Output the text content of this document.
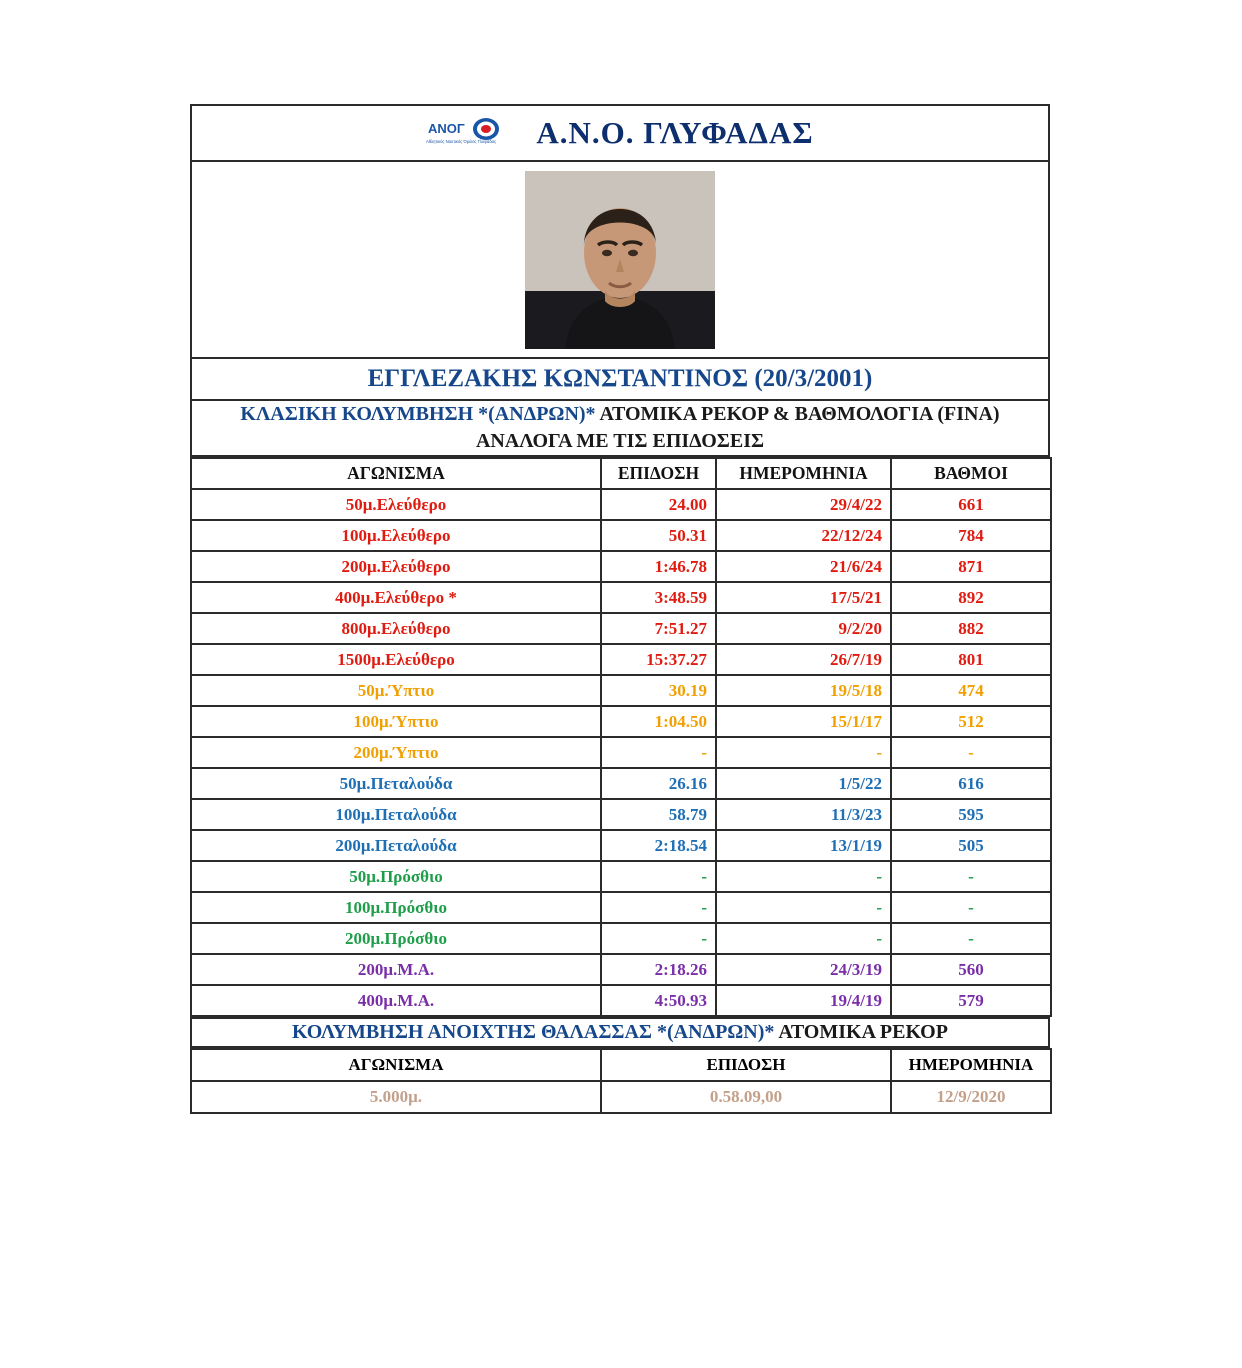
ΑΝΟΓ
Αθλητικός Ναυτικός Όμιλος Γλυφάδας Α.Ν.Ο. ΓΛΥΦΑΔΑΣ

ΕΓΓΛΕΖΑΚΗΣ ΚΩΝΣΤΑΝΤΙΝΟΣ (20/3/2001)
ΚΛΑΣΙΚΗ ΚΟΛΥΜΒΗΣΗ *(ΑΝΔΡΩΝ)* ΑΤΟΜΙΚΑ ΡΕΚΟΡ & ΒΑΘΜΟΛΟΓΙΑ (FINA) ΑΝΑΛΟΓΑ ΜΕ ΤΙΣ ΕΠΙΔΟΣΕΙΣ
ΑΓΩΝΙΣΜΑ	ΕΠΙΔΟΣΗ	ΗΜΕΡΟΜΗΝΙΑ	ΒΑΘΜΟΙ
50μ.Ελεύθερο	24.00	29/4/22	661
100μ.Ελεύθερο	50.31	22/12/24	784
200μ.Ελεύθερο	1:46.78	21/6/24	871
400μ.Ελεύθερο *	3:48.59	17/5/21	892
800μ.Ελεύθερο	7:51.27	9/2/20	882
1500μ.Ελεύθερο	15:37.27	26/7/19	801
50μ.Ύπτιο	30.19	19/5/18	474
100μ.Ύπτιο	1:04.50	15/1/17	512
200μ.Ύπτιο	-	-	-
50μ.Πεταλούδα	26.16	1/5/22	616
100μ.Πεταλούδα	58.79	11/3/23	595
200μ.Πεταλούδα	2:18.54	13/1/19	505
50μ.Πρόσθιο	-	-	-
100μ.Πρόσθιο	-	-	-
200μ.Πρόσθιο	-	-	-
200μ.Μ.Α.	2:18.26	24/3/19	560
400μ.Μ.Α.	4:50.93	19/4/19	579
ΚΟΛΥΜΒΗΣΗ ΑΝΟΙΧΤΗΣ ΘΑΛΑΣΣΑΣ *(ΑΝΔΡΩΝ)* ΑΤΟΜΙΚΑ ΡΕΚΟΡ
ΑΓΩΝΙΣΜΑ	ΕΠΙΔΟΣΗ	ΗΜΕΡΟΜΗΝΙΑ
5.000μ.	0.58.09,00	12/9/2020
